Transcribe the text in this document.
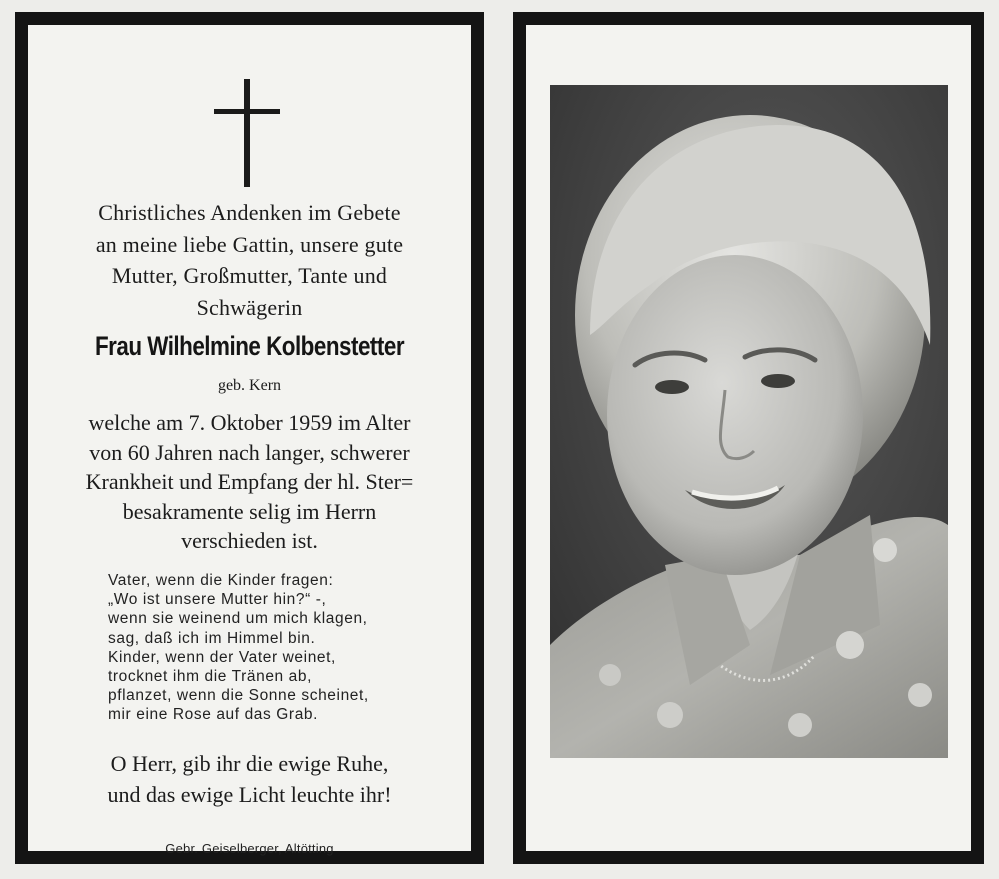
Christliches Andenken im Gebete
an meine liebe Gattin, unsere gute
Mutter, Großmutter, Tante und
Schwägerin
Frau Wilhelmine Kolbenstetter
geb. Kern
welche am 7. Oktober 1959 im Alter
von 60 Jahren nach langer, schwerer
Krankheit und Empfang der hl. Ster=
besakramente selig im Herrn
verschieden ist.
Vater, wenn die Kinder fragen:
„Wo ist unsere Mutter hin?“ -,
wenn sie weinend um mich klagen,
sag, daß ich im Himmel bin.
Kinder, wenn der Vater weinet,
trocknet ihm die Tränen ab,
pflanzet, wenn die Sonne scheinet,
mir eine Rose auf das Grab.
O Herr, gib ihr die ewige Ruhe,
und das ewige Licht leuchte ihr!
Gebr. Geiselberger, Altötting
